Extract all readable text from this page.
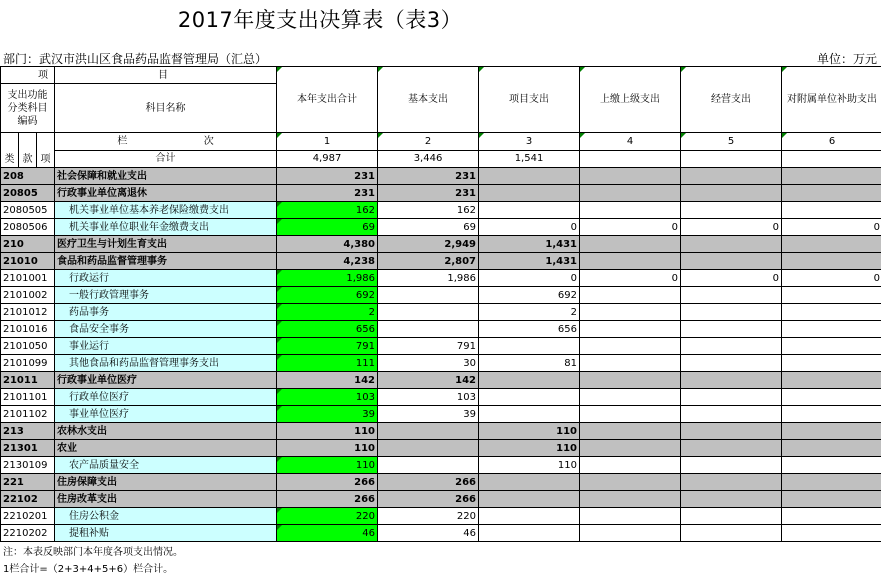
2017年度支出决算表（表3）
部门：武汉市洪山区食品药品监督管理局（汇总）	单位：万元
项	目	本年支出合计	基本支出	项目支出	上缴上级支出	经营支出	对附属单位补助支出
支出功能分类科目编码	科目名称						

类 款 项	栏 次	1	2	3	4	5	6
	合计	4,987	3,446	1,541			
208	社会保障和就业支出	231	231				
20805	行政事业单位离退休	231	231				
2080505	机关事业单位基本养老保险缴费支出	162	162				
2080506	机关事业单位职业年金缴费支出	69	69	0	0	0	0
210	医疗卫生与计划生育支出	4,380	2,949	1,431			
21010	食品和药品监督管理事务	4,238	2,807	1,431			
2101001	行政运行	1,986	1,986	0	0	0	0
2101002	一般行政管理事务	692		692			
2101012	药品事务	2		2			
2101016	食品安全事务	656		656			
2101050	事业运行	791	791				
2101099	其他食品和药品监督管理事务支出	111	30	81			
21011	行政事业单位医疗	142	142				
2101101	行政单位医疗	103	103				
2101102	事业单位医疗	39	39				
213	农林水支出	110		110			
21301	农业	110		110			
2130109	农产品质量安全	110		110			
221	住房保障支出	266	266				
22102	住房改革支出	266	266				
2210201	住房公积金	220	220				
2210202	提租补贴	46	46				
注：本表反映部门本年度各项支出情况。
1栏合计=（2+3+4+5+6）栏合计。
